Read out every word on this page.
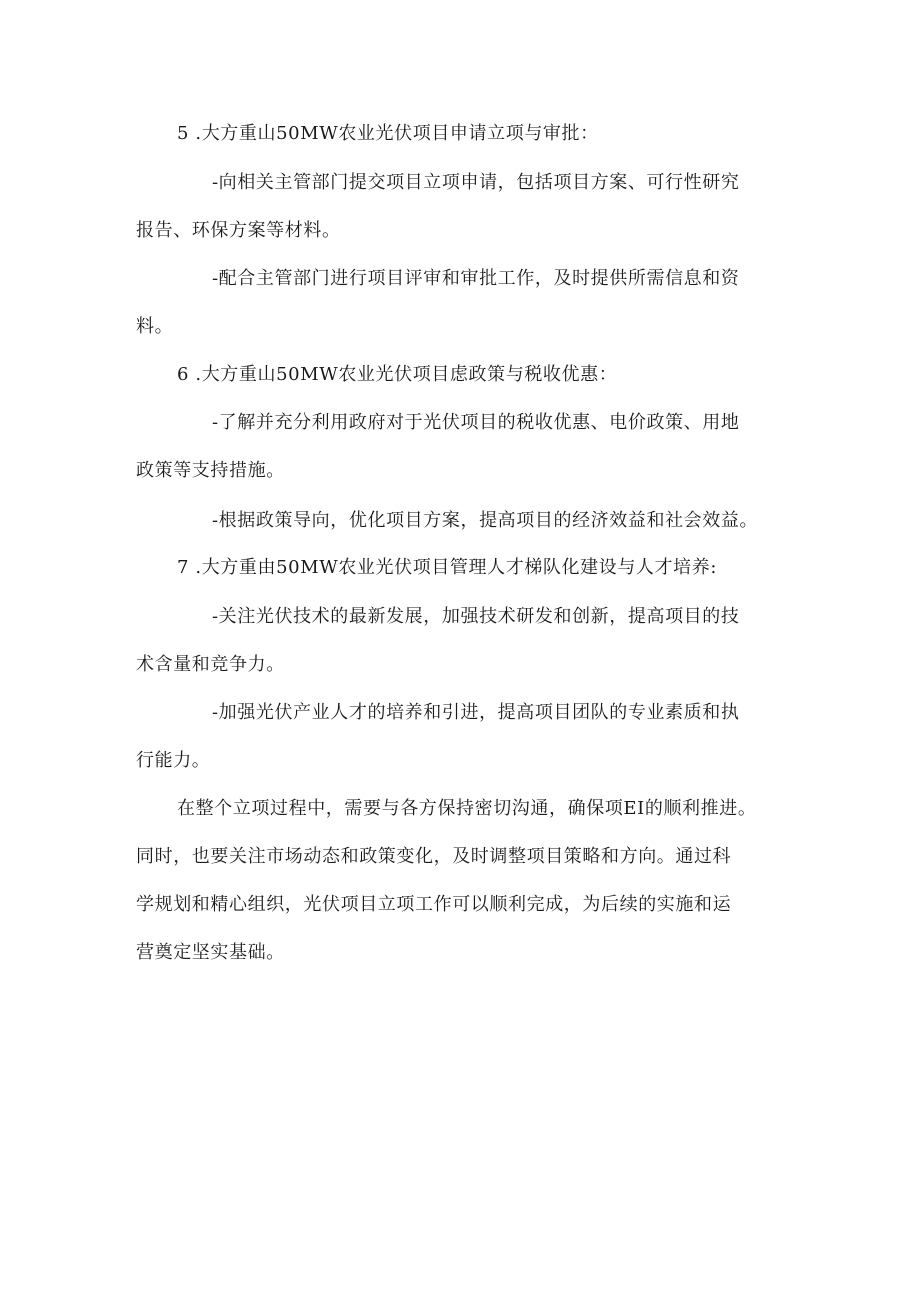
5 .大方重山50MW农业光伏项目申请立项与审批：
-向相关主管部门提交项目立项申请，包括项目方案、可行性研究
报告、环保方案等材料。
-配合主管部门进行项目评审和审批工作，及时提供所需信息和资
料。
6 .大方重山50MW农业光伏项目虑政策与税收优惠：
-了解并充分利用政府对于光伏项目的税收优惠、电价政策、用地
政策等支持措施。
-根据政策导向，优化项目方案，提高项目的经济效益和社会效益。
7 .大方重由50MW农业光伏项目管理人才梯队化建设与人才培养:
-关注光伏技术的最新发展，加强技术研发和创新，提高项目的技
术含量和竞争力。
-加强光伏产业人才的培养和引进，提高项目团队的专业素质和执
行能力。
在整个立项过程中，需要与各方保持密切沟通，确保项EI的顺利推进。
同时，也要关注市场动态和政策变化，及时调整项目策略和方向。通过科
学规划和精心组织，光伏项目立项工作可以顺利完成，为后续的实施和运
营奠定坚实基础。
